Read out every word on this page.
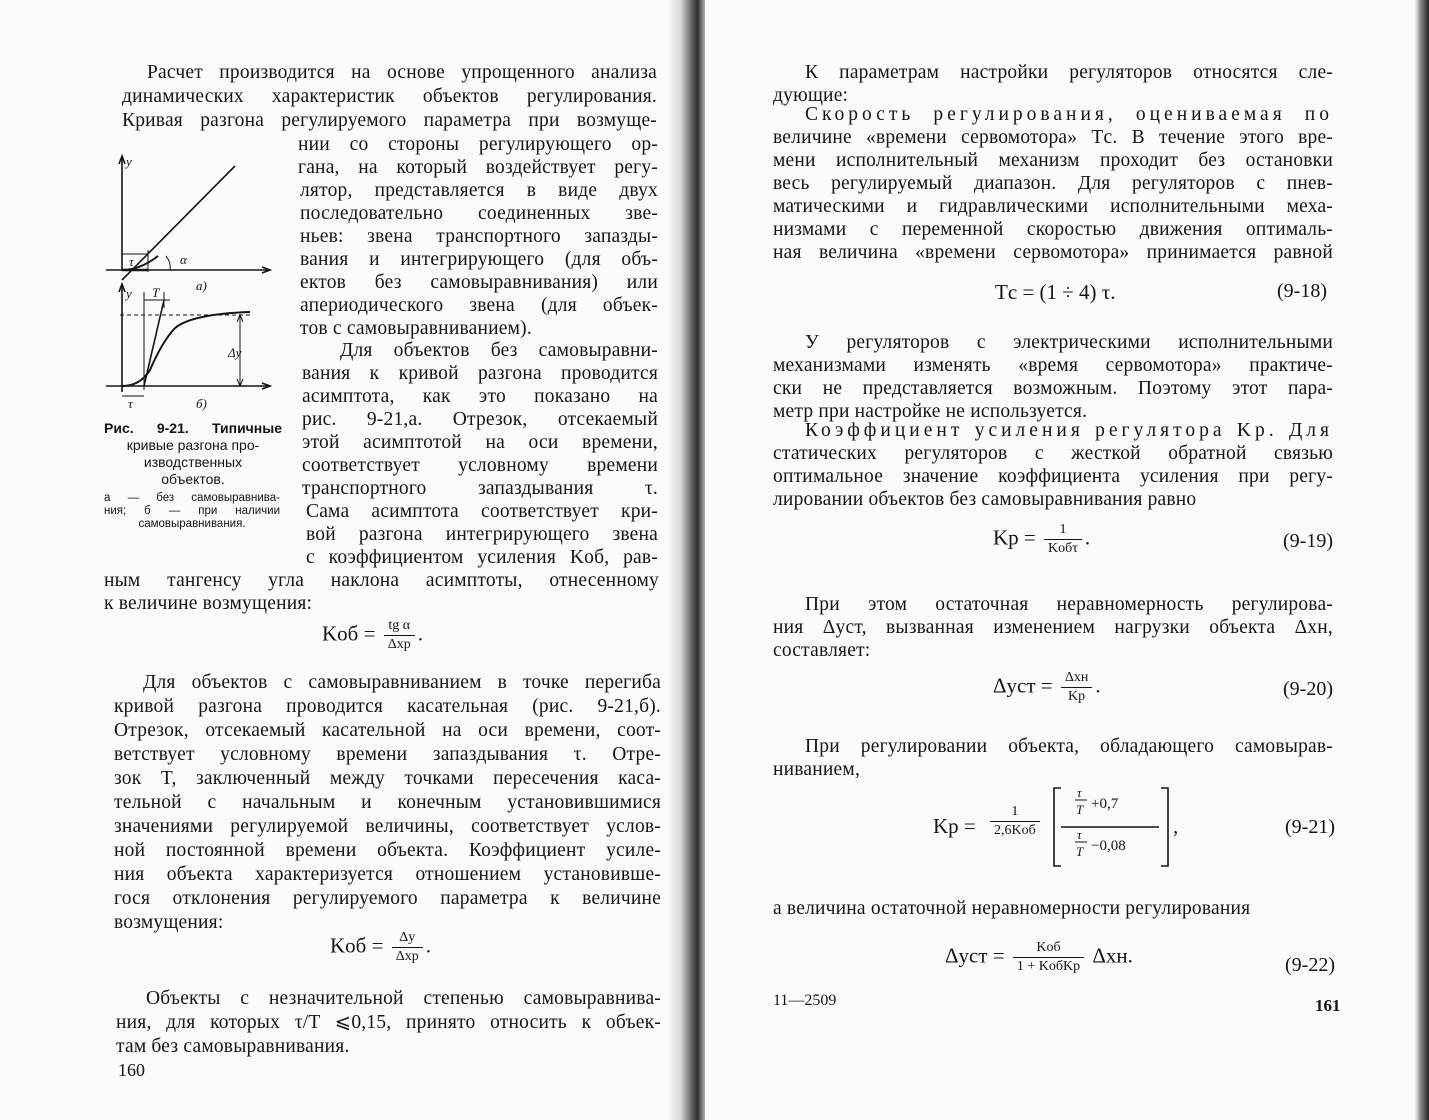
Расчет производится на основе упрощенного анализа
динамических характеристик объектов регулирования.
Кривая разгона регулируемого параметра при возмуще-
нии со стороны регулирующего ор-
гана, на который воздействует регу-
лятор, представляется в виде двух
последовательно соединенных зве-
ньев: звена транспортного запазды-
вания и интегрирующего (для объ-
ектов без самовыравнивания) или
апериодического звена (для объек-
тов с самовыравниванием).
Для объектов без самовыравни-
вания к кривой разгона проводится
асимптота, как это показано на
рис. 9-21,а. Отрезок, отсекаемый
этой асимптотой на оси времени,
соответствует условному времени
транспортного запаздывания τ.
Сама асимптота соответствует кри-
вой разгона интегрирующего звена
с коэффициентом усиления Kоб, рав-
ным тангенсу угла наклона асимптоты, отнесенному
к величине возмущения:
Kоб = $\frac{\text{tg α}}{\text{Δxр}}$ .
Для объектов с самовыравниванием в точке перегиба
кривой разгона проводится касательная (рис. 9-21,б).
Отрезок, отсекаемый касательной на оси времени, соот-
ветствует условному времени запаздывания τ. Отре-
зок T, заключенный между точками пересечения каса-
тельной с начальным и конечным установившимися
значениями регулируемой величины, соответствует услов-
ной постоянной времени объекта. Коэффициент усиле-
ния объекта характеризуется отношением установивше-
гося отклонения регулируемого параметра к величине
возмущения:
Kоб = $\frac{\Delta y}{\text{Δxр}}$ .
Объекты с незначительной степенью самовыравнива-
ния, для которых τ/T ⩽0,15, принято относить к объек-
там без самовыравнивания.
160
y
τ	α
а)
y T
Δy
τ	б)
Рис. 9-21. Типичные
кривые разгона про-
изводственных
объектов.
а — без самовыравнива-
ния; б — при наличии
самовыравнивания.
К параметрам настройки регуляторов относятся сле-
дующие:
Скорость регулирования, оцениваемая по
величине «времени сервомотора» Tс. В течение этого вре-
мени исполнительный механизм проходит без остановки
весь регулируемый диапазон. Для регуляторов с пнев-
матическими и гидравлическими исполнительными меха-
низмами с переменной скоростью движения оптималь-
ная величина «времени сервомотора» принимается равной
Tс = (1 ÷ 4) τ.	(9-18)
У регуляторов с электрическими исполнительными
механизмами изменять «время сервомотора» практиче-
ски не представляется возможным. Поэтому этот пара-
метр при настройке не используется.
Коэффициент усиления регулятора Kр. Для
статических регуляторов с жесткой обратной связью
оптимальное значение коэффициента усиления при регу-
лировании объектов без самовыравнивания равно
Kр = $\frac{1}{\text{Kобτ}}$ .	(9-19)
При этом остаточная неравномерность регулирова-
ния Δyст, вызванная изменением нагрузки объекта Δxн,
составляет:
$\Delta yст = \frac{\text{Δxн}}{Kр}$ .	(9-20)
При регулировании объекта, обладающего самовырав-
ниванием,
Kр =
1
2,6Kоб
τ
T
τ
T
+0,7
−0,08
,	(9-21)
а величина остаточной неравномерности регулирования
$\Delta yст = \frac{\text{Kоб}}{\text{1 + KобKр}} \Delta xн$.	(9-22)
11—2509	161
